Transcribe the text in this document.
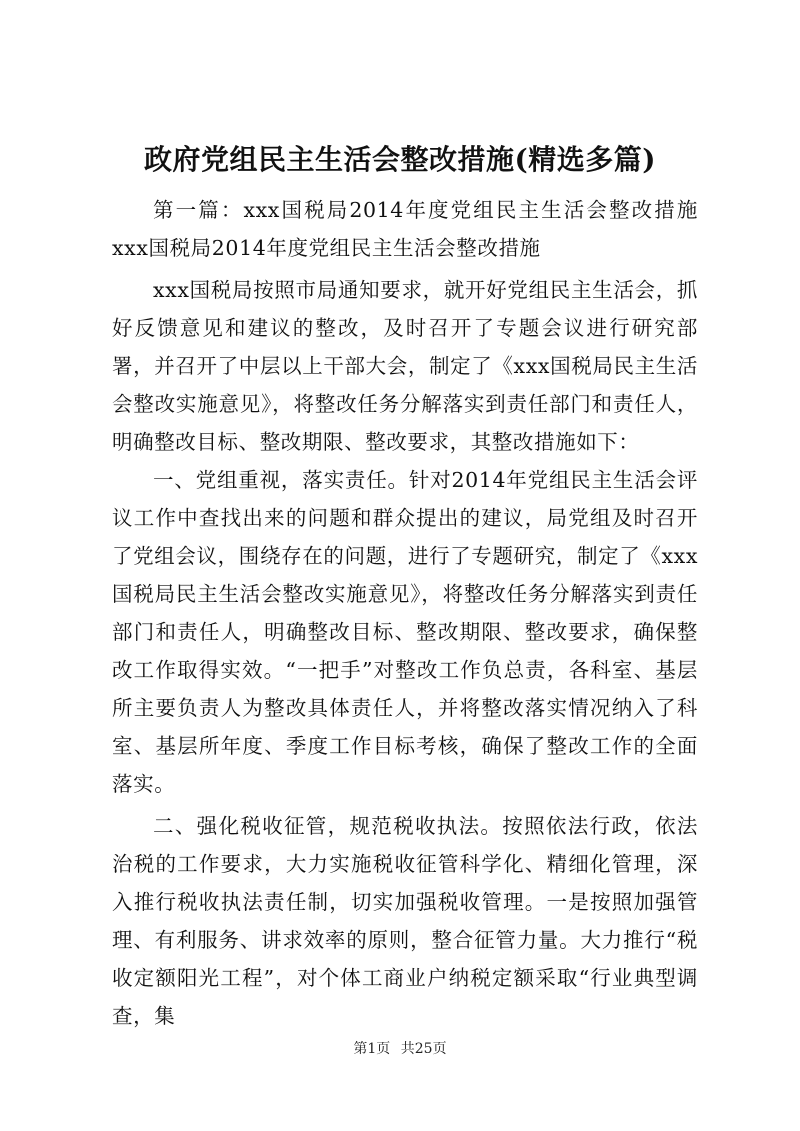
政府党组民主生活会整改措施(精选多篇)

第一篇：xxx国税局2014年度党组民主生活会整改措施xxx国税局2014年度党组民主生活会整改措施

xxx国税局按照市局通知要求，就开好党组民主生活会，抓好反馈意见和建议的整改，及时召开了专题会议进行研究部署，并召开了中层以上干部大会，制定了《xxx国税局民主生活会整改实施意见》，将整改任务分解落实到责任部门和责任人，明确整改目标、整改期限、整改要求，其整改措施如下：

一、党组重视，落实责任。针对2014年党组民主生活会评议工作中查找出来的问题和群众提出的建议，局党组及时召开了党组会议，围绕存在的问题，进行了专题研究，制定了《xxx国税局民主生活会整改实施意见》，将整改任务分解落实到责任部门和责任人，明确整改目标、整改期限、整改要求，确保整改工作取得实效。“一把手”对整改工作负总责，各科室、基层所主要负责人为整改具体责任人，并将整改落实情况纳入了科室、基层所年度、季度工作目标考核，确保了整改工作的全面落实。

二、强化税收征管，规范税收执法。按照依法行政，依法治税的工作要求，大力实施税收征管科学化、精细化管理，深入推行税收执法责任制，切实加强税收管理。一是按照加强管理、有利服务、讲求效率的原则，整合征管力量。大力推行“税收定额阳光工程”，对个体工商业户纳税定额采取“行业典型调查，集

第1页 共25页
